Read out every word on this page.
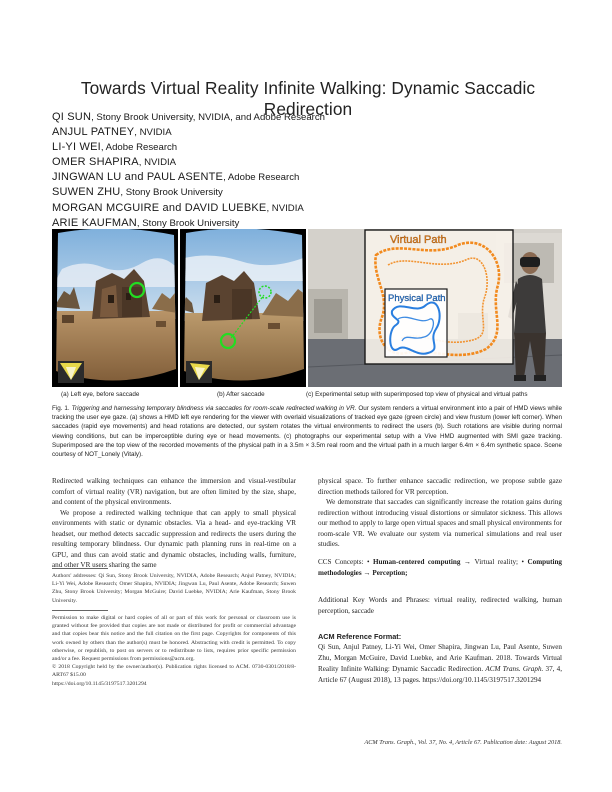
Towards Virtual Reality Infinite Walking: Dynamic Saccadic Redirection
QI SUN, Stony Brook University, NVIDIA, and Adobe Research
ANJUL PATNEY, NVIDIA
LI-YI WEI, Adobe Research
OMER SHAPIRA, NVIDIA
JINGWAN LU and PAUL ASENTE, Adobe Research
SUWEN ZHU, Stony Brook University
MORGAN MCGUIRE and DAVID LUEBKE, NVIDIA
ARIE KAUFMAN, Stony Brook University
Virtual Path
Physical Path
(a) Left eye, before saccade	(b) After saccade	(c) Experimental setup with superimposed top view of physical and virtual paths
Fig. 1. Triggering and harnessing temporary blindness via saccades for room-scale redirected walking in VR. Our system renders a virtual environment into a pair of HMD views while tracking the user eye gaze. (a) shows a HMD left eye rendering for the viewer with overlaid visualizations of tracked eye gaze (green circle) and view frustum (lower left corner). When saccades (rapid eye movements) and head rotations are detected, our system rotates the virtual environments to redirect the users (b). Such rotations are visible during normal viewing conditions, but can be imperceptible during eye or head movements. (c) photographs our experimental setup with a Vive HMD augmented with SMI gaze tracking. Superimposed are the top view of the recorded movements of the physical path in a 3.5m × 3.5m real room and the virtual path in a much larger 6.4m × 6.4m synthetic space. Scene courtesy of NOT_Lonely (Vitaly).

Redirected walking techniques can enhance the immersion and visual-vestibular comfort of virtual reality (VR) navigation, but are often limited by the size, shape, and content of the physical environments.

We propose a redirected walking technique that can apply to small physical environments with static or dynamic obstacles. Via a head- and eye-tracking VR headset, our method detects saccadic suppression and redirects the users during the resulting temporary blindness. Our dynamic path planning runs in real-time on a GPU, and thus can avoid static and dynamic obstacles, including walls, furniture, and other VR users sharing the same

Authors' addresses: Qi Sun, Stony Brook University, NVIDIA, Adobe Research; Anjul Patney, NVIDIA; Li-Yi Wei, Adobe Research; Omer Shapira, NVIDIA; Jingwan Lu, Paul Asente, Adobe Research; Suwen Zhu, Stony Brook University; Morgan McGuire; David Luebke, NVIDIA; Arie Kaufman, Stony Brook University.
Permission to make digital or hard copies of all or part of this work for personal or classroom use is granted without fee provided that copies are not made or distributed for profit or commercial advantage and that copies bear this notice and the full citation on the first page. Copyrights for components of this work owned by others than the author(s) must be honored. Abstracting with credit is permitted. To copy otherwise, or republish, to post on servers or to redistribute to lists, requires prior specific permission and/or a fee. Request permissions from permissions@acm.org.
© 2018 Copyright held by the owner/author(s). Publication rights licensed to ACM. 0730-0301/2018/8-ART67 $15.00
https://doi.org/10.1145/3197517.3201294

physical space. To further enhance saccadic redirection, we propose subtle gaze direction methods tailored for VR perception.

We demonstrate that saccades can significantly increase the rotation gains during redirection without introducing visual distortions or simulator sickness. This allows our method to apply to large open virtual spaces and small physical environments for room-scale VR. We evaluate our system via numerical simulations and real user studies.

CCS Concepts: • Human-centered computing → Virtual reality; • Computing methodologies → Perception;
Additional Key Words and Phrases: virtual reality, redirected walking, human perception, saccade
ACM Reference Format:
Qi Sun, Anjul Patney, Li-Yi Wei, Omer Shapira, Jingwan Lu, Paul Asente, Suwen Zhu, Morgan McGuire, David Luebke, and Arie Kaufman. 2018. Towards Virtual Reality Infinite Walking: Dynamic Saccadic Redirection. ACM Trans. Graph. 37, 4, Article 67 (August 2018), 13 pages. https://doi.org/10.1145/3197517.3201294
ACM Trans. Graph., Vol. 37, No. 4, Article 67. Publication date: August 2018.
